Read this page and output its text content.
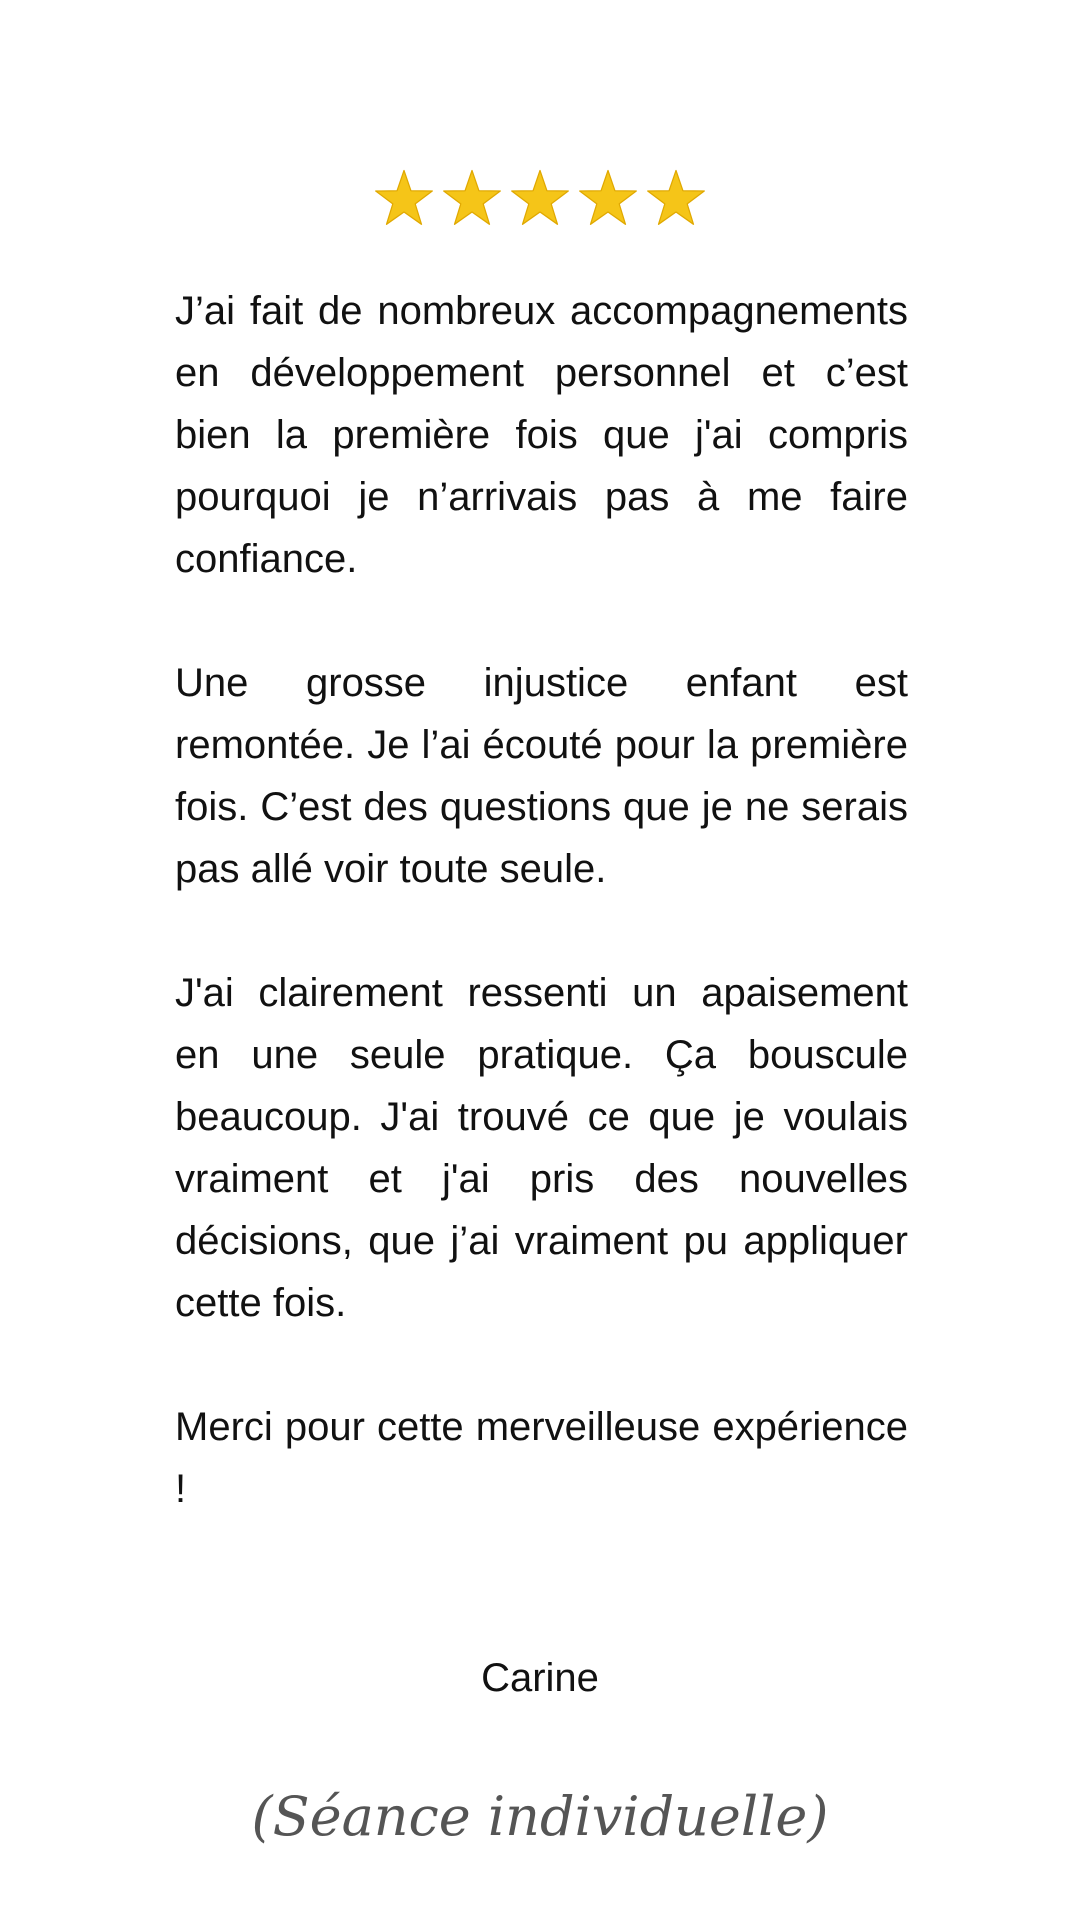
J’ai fait de nombreux accompagnements en développement personnel et c’est bien la première fois que j'ai compris pourquoi je n’arrivais pas à me faire confiance.

Une grosse injustice enfant est remontée. Je l’ai écouté pour la première fois. C’est des questions que je ne serais pas allé voir toute seule.

J'ai clairement ressenti un apaisement en une seule pratique. Ça bouscule beaucoup. J'ai trouvé ce que je voulais vraiment et j'ai pris des nouvelles décisions, que j’ai vraiment pu appliquer cette fois.

Merci pour cette merveilleuse expérience !

Carine

(Séance individuelle)
